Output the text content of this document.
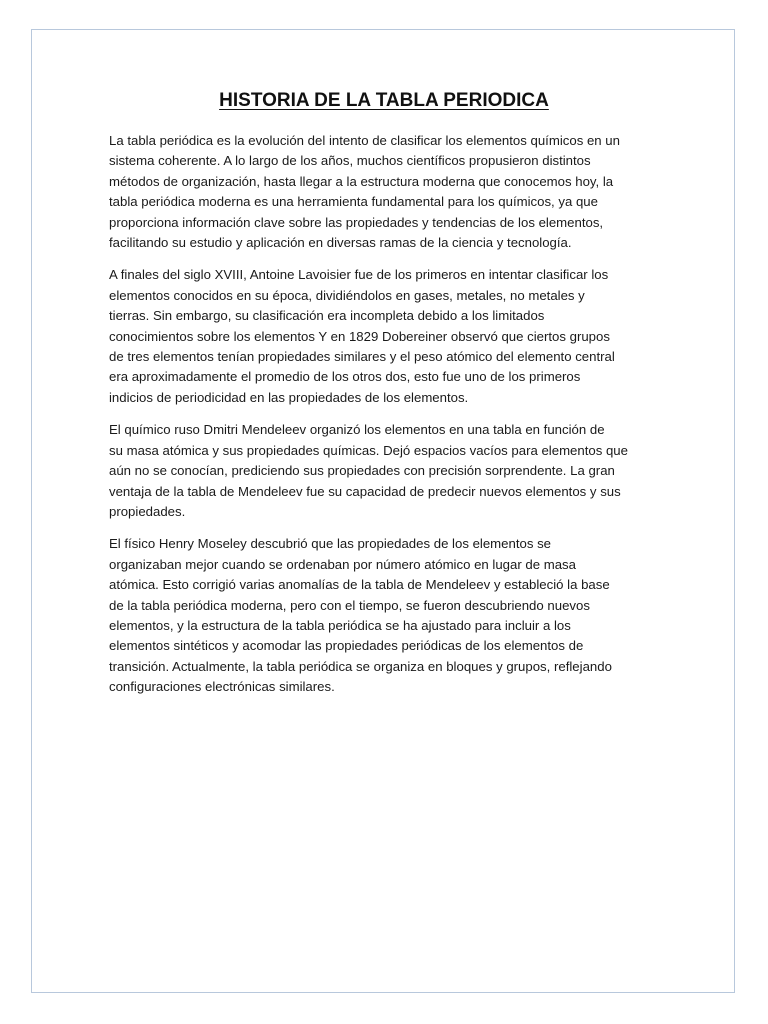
HISTORIA DE LA TABLA PERIODICA

La tabla periódica es la evolución del intento de clasificar los elementos químicos en un
sistema coherente. A lo largo de los años, muchos científicos propusieron distintos
métodos de organización, hasta llegar a la estructura moderna que conocemos hoy, la
tabla periódica moderna es una herramienta fundamental para los químicos, ya que
proporciona información clave sobre las propiedades y tendencias de los elementos,
facilitando su estudio y aplicación en diversas ramas de la ciencia y tecnología.

A finales del siglo XVIII, Antoine Lavoisier fue de los primeros en intentar clasificar los
elementos conocidos en su época, dividiéndolos en gases, metales, no metales y
tierras. Sin embargo, su clasificación era incompleta debido a los limitados
conocimientos sobre los elementos Y en 1829 Dobereiner observó que ciertos grupos
de tres elementos tenían propiedades similares y el peso atómico del elemento central
era aproximadamente el promedio de los otros dos, esto fue uno de los primeros
indicios de periodicidad en las propiedades de los elementos.

El químico ruso Dmitri Mendeleev organizó los elementos en una tabla en función de
su masa atómica y sus propiedades químicas. Dejó espacios vacíos para elementos que
aún no se conocían, prediciendo sus propiedades con precisión sorprendente. La gran
ventaja de la tabla de Mendeleev fue su capacidad de predecir nuevos elementos y sus
propiedades.

El físico Henry Moseley descubrió que las propiedades de los elementos se
organizaban mejor cuando se ordenaban por número atómico en lugar de masa
atómica. Esto corrigió varias anomalías de la tabla de Mendeleev y estableció la base
de la tabla periódica moderna, pero con el tiempo, se fueron descubriendo nuevos
elementos, y la estructura de la tabla periódica se ha ajustado para incluir a los
elementos sintéticos y acomodar las propiedades periódicas de los elementos de
transición. Actualmente, la tabla periódica se organiza en bloques y grupos, reflejando
configuraciones electrónicas similares.
